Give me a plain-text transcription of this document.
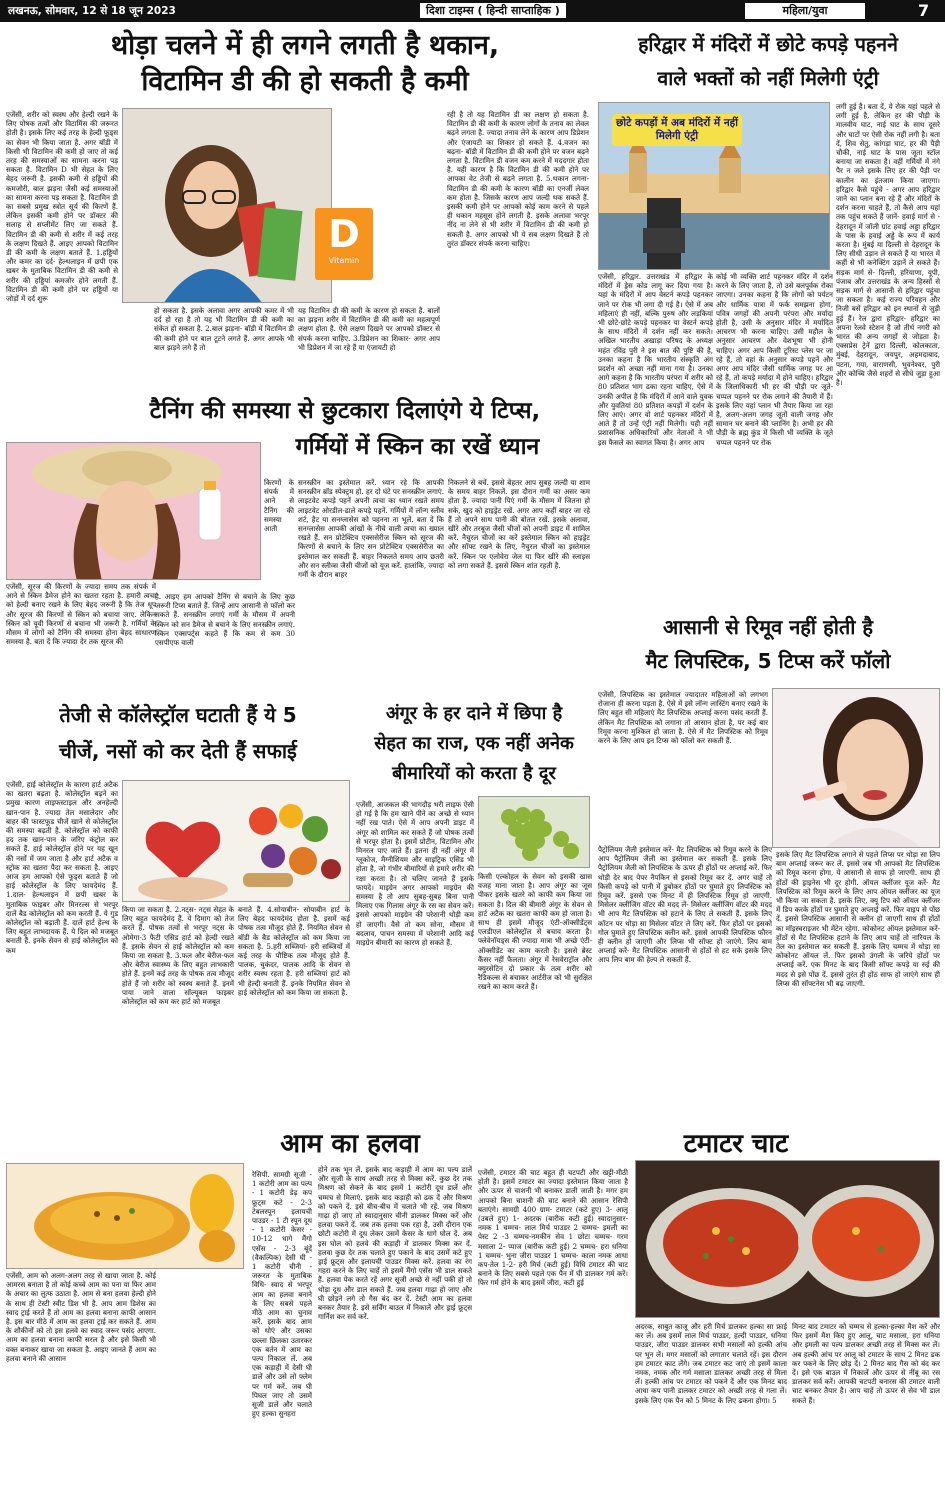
लखनऊ, सोमवार, 12 से 18 जून 2023	दिशा टाइम्स ( हिन्दी साप्ताहिक )	महिला/युवा	7
थोड़ा चलने में ही लगने लगती है थकान,
विटामिन डी की हो सकती है कमी
एजेंसी, शरीर को स्वस्थ और हेल्दी रखने के लिए पोषक तत्वों और विटामिंस की जरूरत होती है। इसके लिए कई तरह के हेल्दी फूड्स का सेवन भी किया जाता है. अगर बॉडी में किसी भी विटामिन की कमी हो जाए तो कई तरह की समस्याओं का सामना करना पड़ सकता है. विटामिन D भी सेहत के लिए बेहद जरूरी है. इसकी कमी से हड्डियों की कमजोरी, बाल झड़ना जैसी कई समस्याओं का सामना करना पड़ सकता है. विटामिन डी का सबसे प्रमुख स्त्रोत सूर्य की किरणें हैं. लेकिन इसकी कमी होने पर डॉक्टर की सलाह से सप्लीमेंट लिए जा सकते हैं. विटामिन डी की कमी से शरीर में कई तरह के लक्षण दिखते हैं. आइए आपको विटामिन डी की कमी के लक्षण बताते हैं. 1.हड्डियों और कमर का दर्द- हेल्थलाइन में छपी एक खबर के मुताबिक विटामिन डी की कमी से शरीर की हड्डियां कमजोर होने लगती हैं. विटामिन डी की कमी होने पर हड्डियों या जोड़ों में दर्द शुरू
D
Vitamin
हो सकता है. इसके अलावा अगर आपकी कमर में भी दर्द हो रहा है तो यह भी विटामिन डी की कमी का संकेत हो सकता है. 2.बाल झड़ना- बॉडी में विटामिन डी की कमी होने पर बाल टूटने लगते हैं. अगर आपके भी बाल झड़ने लगे हैं तो
यह विटामिन डी की कमी के कारण हो सकता है. बालों का झड़ना शरीर में विटामिन डी की कमी का महत्वपूर्ण लक्षण होता है. ऐसे लक्षण दिखने पर आपको डॉक्टर से संपर्क करना चाहिए. 3.डिप्रेशन का शिकार- अगर आप भी डिप्रेशन में जा रहे हैं या एंजायटी हो
रही है तो यह विटामिन डी का लक्षण हो सकता है. विटामिन डी की कमी के कारण लोगों के तनाव का लेवल बढ़ने लगता है. ज्यादा तनाव लेने के कारण आप डिप्रेशन और एंजायटी का शिकार हो सकते हैं. 4.वजन का बढ़ना- बॉडी में विटामिन डी की कमी होने पर वजन बढ़ने लगता है. विटामिन डी वजन कम करने में मददगार होता है. यही कारण है कि विटामिन डी की कमी होने पर आपका वेट तेजी से बढ़ने लगता है. 5.थकान लगना- विटामिन डी की कमी के कारण बॉडी का एनर्जी लेवल कम होता है. जिसके कारण आप जल्दी थक सकते हैं. इसकी कमी होने पर आपको कोई काम करने से पहले ही थकान महसूस होने लगती है. इसके अलावा भरपूर नींद ना लेने से भी शरीर में विटामिन डी की कमी हो सकती है. अगर आपको भी ये सब लक्षण दिखते हैं तो तुरंत डॉक्टर संपर्क करना चाहिए।
टैनिंग की समस्या से छुटकारा दिलाएंगे ये टिप्स,
गर्मियों में स्किन का रखें ध्यान
एजेंसी, सूरज की किरणों के ज्यादा समय तक संपर्क में आने से स्किन डैमेज होने का खतरा रहता है. हमारी त्वचा को हेल्दी बनाए रखने के लिए बेहद जरूरी है कि तेज धूप और सूरज की किरणों से स्किन को बचाया जाए. लेकिन स्किन को यूवी किरणों से बचाना भी जरूरी है. गर्मियों के मौसम में लोगों को टैनिंग की समस्या होना बेहद साधारण समस्या है. बता दें कि ज्यादा देर तक सूरज की
किरणों के संपर्क में आने से टैनिंग की समस्या आती
है. आइए हम आपको टैनिंग से बचाने के लिए कुछ जरूरी टिप्स बताते हैं. जिन्हें आप आसानी से फॉलो कर सकते हैं. सनस्क्रीन लगाएं गर्मी के मौसम में अपनी स्किन को सन डैमेज से बचाने के लिए सनस्क्रीन लगाएं. स्किन एक्सपर्ट्स कहते हैं कि कम से कम 30 एसपीएफ वाली
सनस्क्रीन का इस्तेमाल करें. ध्यान रहे कि आपकी सनस्क्रीन ब्रॉड स्पेक्ट्रम हो. हर दो घंटे पर सनस्क्रीन लगाएं. लाइटवेट कपड़े पहनें अपनी त्वचा का ध्यान रखते समय लाइटवेट ओरडील-ढाले कपड़े पहनें. गर्मियों में लॉन्ग स्लीव शर्ट, हैट या सनग्लासेस को पहनना ना भूलें. बता दें कि सनग्लासेस आपकी आंखों के नीचे वाली त्वचा का ख्याल रखते हैं. सन प्रोटेक्टिव एक्ससेरीज स्किन को सूरज की किरणों से बचाने के लिए सन प्रोटेक्टिव एक्ससेरीज का इस्तेमाल कर सकती हैं. बाहर निकलते समय आप छतरी और सन स्लीव्स जैसी चीजों को यूज करें. हालांकि, ज्यादा गर्मी के दौरान बाहर
निकलने से बचें. इससे बेहतर आप सुबह जल्दी या शाम के समय बाहर निकलें. इस दौरान गर्मी का असर कम होता है. ज्यादा पानी पिएं गर्मी के मौसम में जितना हो सके, खुद को हाइड्रेट रखें. अगर आप कहीं बाहर जा रहे हैं तो अपने साथ पानी की बोतल रखें. इसके अलावा, खीरे और तरबूज जैसी चीजों को अपनी डाइट में शामिल करें. नैचुरल चीजों का करें इस्तेमाल स्किन को हाइड्रेट और सॉफ्ट रखने के लिए, नैचुरल चीजों का इस्तेमाल करें. स्किन पर एलोवेरा जेल या फिर खीरे की स्लाइस को लगा सकते हैं. इससे स्किन शांत रहती है.
हरिद्वार में मंदिरों में छोटे कपड़े पहनने
वाले भक्तों को नहीं मिलेगी एंट्री
छोटे कपड़ों में अब मंदिरों में नहीं मिलेगी एंट्री
लगी हुई है। बता दें, ये रोक यहां पहले से लगी हुई है, लेकिन हर की पौड़ी के मालवीय घाट, नाई घाट के साथ दूसरे और घाटों पर ऐसी रोक नहीं लगी है। बता दें, शिव सेतु, कांगड़ा घाट, हर की पैड़ी चौकी, नाई घाट के पास जूता स्टॉल बनाया जा सकता है। वहीं गर्मियों में नंगे पैर न जले इसके लिए हर की पैड़ी पर कालीन का इंतजाम किया जाएगा। हरिद्वार कैसे पहुंचे - अगर आप हरिद्वार जाने का प्लान बना रहे हैं और मंदिरों के दर्शन करना चाहते हैं, तो कैसे आप यहां तक पहुंच सकते हैं जानें- हवाई मार्ग से - देहरादून में जॉली ग्रांट हवाई अड्डा हरिद्वार के पास के हवाई अड्डे के रूप में कार्य करता है। मुंबई या दिल्ली से देहरादून के लिए सीधी उड़ान ले सकते हैं या भारत में कहीं से भी कनेक्टिंग उड़ानें ले सकते हैं। सड़क मार्ग से- दिल्ली, हरियाणा, यूपी, पंजाब और उत्तराखंड के अन्य हिस्सों से सड़क मार्ग से आसानी से हरिद्वार पहुंचा जा सकता है। कई राज्य परिवहन और निजी बसें हरिद्वार को इन स्थानों से जुड़ी हुई हैं। रेल द्वारा हरिद्वार- हरिद्वार का अपना रेलवे स्टेशन है जो तीर्थ नगरी को भारत की अन्य जगहों से जोड़ता है। एक्सप्रेस ट्रेनें द्वारा दिल्ली, कोलकाता, मुंबई, देहरादून, जयपुर, अहमदाबाद, पटना, गया, वाराणसी, भुवनेश्वर, पुरी और कोच्चि जैसे शहरों से सीधे जुड़ा हुआ है।
एजेंसी, हरिद्वार. उत्तराखंड में हरिद्वार के मंदिरों में ड्रेस कोड लागू कर दिया गया है। यहां के मंदिरों में आप वेस्टर्न कपड़े पहनकर जाने पर रोक भी लगा दी गई है। ऐसे में अब महिलाएं ही नहीं, बल्कि पुरुष और लड़कियां भी छोटे-छोटे कपड़े पहनकर या वेस्टर्न कपड़े के साथ मंदिरों में दर्शन नहीं कर सकते। अखिल भारतीय अखाड़ा परिषद के अध्यक्ष महंत रविंद्र पुरी ने इस बात की पुष्टि की है, उनका कहना है कि भारतीय संस्कृति अंग प्रदर्शन को अच्छा नहीं माना गया है। उनका आगे कहना है कि भारतीय परंपरा में शरीर को 80 प्रतिशत भाग ढका रहना चाहिए, ऐसे में उनकी अपील है कि मंदिरों में आने वाले युवक और युवतियां 80 प्रतिशत कपड़ों में दर्शन के लिए आएं। अगर वो शार्ट पहनकर मंदिरों में आते हैं तो उन्हें एंट्री नहीं मिलेगी। यही नहीं प्रशासनिक अधिकारियों और नेताओं ने भी इस फैसले का स्वागत किया है। अगर आप
कोई भी व्यक्ति शार्ट पहनकर मंदिर में दर्शन करने के लिए जाता है, तो उसे बलपूर्वक रोका जाएगा। उनका कहना है कि लोगों को पर्यटन और धार्मिक यात्रा में फर्क समझना होगा, पवित्र जगहों की अपनी परंपरा और मर्यादा होती है, उसी के अनुसार मंदिर में मर्यादित आचरण भी करना चाहिए। उसी महौल के अनुसार आचरण और वेशभूषा भी होनी चाहिए। अगर आप किसी टूरिस्ट प्लेस पर जा रहे हैं, तो वहां के अनुसार कपड़े पहनें और अगर आप मंदिर जैसी धार्मिक जगह पर आ रहे हैं, तो कपड़े मर्यादा में होने चाहिए। हरिद्वार के जिलाधिकारी भी हर की पौड़ी पर जूते-चप्पल पहनने पर रोक लगाने की तैयारी में हैं। इसके लिए यहां प्लान भी तैयार किया जा रहा है, अलग-अलग जगह जूतों वाली जगह और सामान घर बनाने की प्लानिंग है। अभी हर की पौड़ी के ब्रह्म कुंड में किसी भी व्यक्ति के जूते चप्पल पहनने पर रोक
आसानी से रिमूव नहीं होती है
मैट लिपस्टिक, 5 टिप्स करें फॉलो
एजेंसी, लिपस्टिक का इस्तेमाल ज्यादातर महिलाओं को लगभग रोजाना ही करना पड़ता है. ऐसे में इसे लॉन्ग लास्टिंग बनाए रखने के लिए बहुत सी महिलाएं मैट लिपस्टिक अप्लाई करना पसंद करती हैं. लेकिन मैट लिपस्टिक को लगाना तो आसान होता है, पर कई बार रिमूव करना मुश्किल हो जाता है. ऐसे में मैट लिपस्टिक को रिमूव करने के लिए आप इन टिप्स को फॉलो कर सकती हैं.
पैट्रोलियम जैली इस्तेमाल करें- मैट लिपस्टिक को रिमूव करने के लिए आप पैट्रोलियम जैली का इस्तेमाल कर सकती हैं. इसके लिए पैट्रोलियम जैली को लिपस्टिक के ऊपर ही होंठों पर अप्लाई करें. फिर थोड़ी देर बाद पेपर नैपकिन से इसको रिमूव कर दें. अगर चाहें तो किसी कपड़े को पानी में डुबोकर होंठों पर घुमाते हुए लिपस्टिक को रिमूव करें. इससे एक मिनट में ही लिपस्टिक रिमूव हो जाएगी. मिसेलर क्लींजिंग वॉटर की मदद लें- मिसेलर क्लींजिंग वॉटर की मदद भी आप मैट लिपस्टिक को हटाने के लिए ले सकती हैं. इसके लिए कॉटन पर थोड़ा सा मिसेलर वॉटर ले लिए करें. फिर होंठों पर इसको गोल घुमाते हुए लिपस्टिक क्लीन करें. इससे आपकी लिपस्टिक फौरन ही क्लीन हो जाएगी और लिप्स भी सॉफ्ट हो जाएंगे. लिप बाम अप्लाई करें- मैट लिपस्टिक आसानी से होंठों से हट सके इसके लिए आप लिप बाम की हेल्प ले सकती हैं.
इसके लिए मैट लिपस्टिक लगाने से पहले लिप्स पर थोड़ा सा लिप बाम अप्लाई जरूर कर लें. इससे जब भी आपको मैट लिपस्टिक को रिमूव करना होगा, ये आसानी से साफ हो जाएगी. साथ ही होंठों की ड्राइनेस भी दूर होगी. ऑयल क्लींजर यूज करें- मैट लिपस्टिक को रिमूव करने के लिए आप ऑयल क्लींजर का यूज भी किया जा सकता है. इसके लिए, क्यू टिप को ऑयल क्लींजर में डिप करके होंठों पर घुमाते हुए अप्लाई करें. फिर वाइप से पोंछ दें. इससे लिपस्टिक आसानी से क्लीन हो जाएगी साथ ही होंठों का मॉइस्चराइजर भी मेंटेन रहेगा. कोकोनट ऑयल इस्तेमाल करें- होंठों से मैट लिपस्टिक हटाने के लिए आप चाहें तो नारियल के तेल का इस्तेमाल कर सकती हैं. इसके लिए चम्मच में थोड़ा सा कोकोनट ऑयल लें. फिर इसको उंगली के जरिये होंठों पर अप्लाई करें. एक मिनट के बाद किसी सॉफ्ट कपड़े या रुई की मदद से इसे पोंछ दें. इससे तुरंत ही होंठ साफ हो जाएंगे साथ ही लिप्स की सॉफ्टनेस भी बढ़ जाएगी.
तेजी से कॉलेस्ट्रॉल घटाती हैं ये 5
चीजें, नसों को कर देती हैं सफाई
एजेंसी, हाई कोलेस्ट्रॉल के कारण हार्ट अटैक का खतरा बढ़ता है. कोलेस्ट्रॉल बढ़ने का प्रमुख कारण लाइफस्टाइल और अनहेल्दी खान-पान है. ज्यादा तेल मसालेदार और बाहर की फास्टफूड चीजें खाने से कोलेस्ट्रॉल की समस्या बढ़ती है. कोलेस्ट्रॉल को काफी हद तक खान-पान के जरिए कंट्रोल कर सकते हैं. हाई कोलेस्ट्रॉल होने पर यह खून की नसों में जम जाता है और हार्ट अटैक व स्ट्रोक का खतरा पैदा कर सकता है. आइए आज हम आपको ऐसे फूड्स बताते हैं जो हाई कोलेस्ट्रॉल के लिए फायदेमंद हैं. 1.दाल- हेल्थलाइन में छपी खबर के मुताबिक फाइबर और मिनरल्स से भरपूर दालें बैड कोलेस्ट्रॉल को कम करती हैं. ये गुड कोलेस्ट्रॉल को बढ़ाती हैं. दालें हार्ट हेल्थ के लिए बहुत लाभदायक हैं. ये दिल को मजबूत बनाती हैं. इनके सेवन से हाई कोलेस्ट्रॉल को कम
किया जा सकता है. 2.नट्स- नट्स सेहत के लिए बहुत फायदेमंद हैं. ये दिमाग को तेज करते हैं. पोषक तत्वों से भरपूर नट्स के ओमेगा-3 फैटी एसिड हार्ट को हेल्दी रखते हैं. इसके सेवन से हाई कोलेस्ट्रॉल को कम किया जा सकता है. 3.फल और बेरीज-फल और बेरीज स्वास्थ्य के लिए बहुत लाभकारी होते हैं. इनमें कई तरह के पोषक तत्व मौजूद होते हैं जो शरीर को स्वस्थ बनाते हैं. इनमें पाया जाने वाला सॉल्यूबल फाइबर कोलेस्ट्रॉल को कम कर हार्ट को मजबूत
बनाते हैं. 4.सोयाबीन- सोयाबीन हार्ट के लिए बेहद फायदेमंद होता है. इसमें कई पोषक तत्व मौजूद होते हैं. नियमित सेवन से बॉडी के बैड कोलेस्ट्रॉल को कम किया जा सकता है. 5.हरी सब्जियां- हरी सब्जियों में कई तरह के पौष्टिक तत्व मौजूद होते हैं. पालक, चुकंदर, पालक आदि के सेवन से शरीर स्वस्थ रहता है. हरी सब्जियां हार्ट को भी हेल्दी बनाती हैं. इनके नियमित सेवन से हाई कोलेस्ट्रॉल को कम किया जा सकता है.
अंगूर के हर दाने में छिपा है
सेहत का राज, एक नहीं अनेक
बीमारियों को करता है दूर
एजेंसी, आजकल की भागदौड़ भरी लाइफ ऐसी हो गई है कि हम खाने पीने का अच्छे से ध्यान नहीं रख पाते। ऐसे में आप अपनी डाइट में अंगूर को शामिल कर सकते हैं जो पोषक तत्वों से भरपूर होता है। इसमें प्रोटीन, विटामिन और मिनरल पाए जाते हैं। इतना ही नहीं अंगूर में ग्लूकोज, मैग्नीशियम और साइट्रिक एसिड भी होता है, जो गंभीर बीमारियों से हमारे शरीर की रक्षा करता है। तो चलिए जानते हैं इसके फायदे। माइग्रेन अगर आपको माइग्रेन की समस्या है तो आप सुबह-सुबह बिना पानी मिलाए एक गिलास अंगूर के रस का सेवन करें। इससे आपको माइग्रेन की परेशानी थोड़ी कम हो जाएगी। वैसे तो कम सोना, मौसम में बदलाव, पाचन समस्या में परेशानी आदि कई माइग्रेन बीमारी का कारण हो सकते हैं.
किसी एल्कोहल के सेवन को इसकी खास वजह माना जाता है। आप अंगूर का जूस पीकर इसके खतरे को काफी कम किया जा सकता है। दिल की बीमारी अंगूर के सेवन से हार्ट अटैक का खतरा काफी कम हो जाता है। साथ ही इसमें मौजूद एंटी-ऑक्सीडेंट्स एलडीएल कोलेस्ट्रॉल से बचाव करता है। फ्लेवेनॉयड्स की ज्यादा मात्रा भी अच्छे एंटी-ऑक्सीडेंट का काम करती है। इससे ब्रेस्ट कैंसर नहीं फैलता। अंगूर में रेसवेराट्रॉल और क्युरसेटिन दो प्रकार के तत्व शरीर को रैडिकल्स से बचाकर आर्टरीज को भी सुरक्षित रखने का काम करते हैं।
आम का हलवा
रेसिपी. सामग्री सूजी - 1 कटोरी आम का पल्प - 1 कटोरी डेढ़ कप फ्रूट्स कटे - 2-3 टेबलस्पून इलायची पाउडर - 1 टी स्पून दूध - 1 कटोरी केसर - 10-12 धागे मैंगो एसेंस - 2-3 बूंदें (वैकल्पिक) देसी घी - 1 कटोरी चीनी - जरूरत के मुताबिक विधि- स्वाद से भरपूर आम का हलवा बनाने के लिए सबसे पहले मीठे आम का चुनाव करें. इसके बाद आम को धोएं और उसका छल्ला छिलका उतारकर एक बर्तन में आम का पल्प निकाल लें. अब एक कड़ाही में देसी घी डालें और उसे लो फ्लेम पर गर्म करें. जब घी पिघल जाए तो उसमें सूजी डालें और चलाते हुए हल्का सुनहरा
एजेंसी, आम को अलग-अलग तरह से खाया जाता है. कोई आमरस बनाता है तो कोई कच्चे आम का पना या फिर आम के अचार का लुत्फ उठाता है. आम से बना हलवा हेल्दी होने के साथ ही टेस्टी स्वीट डिश भी है. आप आम डिशेस का स्वाद ट्राई करते हैं तो आम का हलवा बनाना काफी आसान है. इस बार मीठे में आम का हलवा ट्राई कर सकते हैं. आम के शौकीनों को तो इस हलवे का स्वाद जरूर पसंद आएगा. आम का हलवा बनाना काफी सरल है और इसे किसी भी वक्त बनाकर खाया जा सकता है. आइए जानते हैं आम का हलवा बनाने की आसान
होने तक भून लें. इसके बाद कड़ाही में आम का पल्प डालें और सूजी के साथ अच्छी तरह से मिक्स करें. कुछ देर तक मिश्रण को सेकने के बाद इसमें 1 कटोरी दूध डालें और चम्मच से मिलाएं. इसके बाद कड़ाही को ढक दें और मिश्रण को पकने दें. इसे बीच-बीच में चलाते भी रहें. जब मिश्रण गाढ़ा हो जाए तो स्वादानुसार चीनी डालकर मिक्स करें और हलवा पकने दें. जब तक हलवा पक रहा है, उसी दौरान एक छोटी कटोरी में दूध लेकर उसमें केसर के धागे घोल दें. अब इस घोल को हलवे की कड़ाही में डालकर मिक्स कर दें. हलवा कुछ देर तक चलाते हुए पकाने के बाद उसमें कटे हुए ड्राई फ्रूट्स और इलायची पाउडर मिक्स करें. हलवा का रंग गहरा करने के लिए चाहें तो इसमें मैंगो एसेंस भी डाल सकते हैं. हलवा पेक करते रहें अगर सूजी अच्छे से नहीं पकी हो तो थोड़ा दूध और डाल सकते हैं. जब हलवा गाढ़ा हो जाए और घी छोड़ने लगे तो गैस बंद कर दें. टेस्टी आम का हलवा बनकर तैयार है. इसे सर्विंग बाउल में निकालें और ड्राई फ्रूट्स गार्निश कर सर्व करें.
टमाटर चाट
एजेंसी, टमाटर की चाट बहुत ही चटपटी और खट्टी-मीठी होती है। इसमें टमाटर का ज्यादा इस्तेमाल किया जाता है और ऊपर से चाशनी भी बनाकर डाली जाती है। मगर हम आपको बिना चाशनी की चाट बनाने की आसान रेसिपी बताएंगे। सामग्री 400 ग्राम- टमाटर (कटे हुए) 3- आलू (उबले हुए) 1- अदरक (बारीक कटी हुई) स्वादानुसार- नमक 1 चम्मच- लाल मिर्च पाउडर 2 चम्मच- इमली का पेस्ट 2 -3 चम्मच-नमकीन सेव 1 छोटा चम्मच- गरम मसाला 2- प्याज (बारीक कटी हुई) 2 चम्मच- हरा धनिया 1 चम्मच- भुना जीरा पाउडर 1 चम्मच- काला नमक आधा कप-तेल 1-2- हरी मिर्च (कटी हुई) विधि टमाटर की चाट बनाने के लिए सबसे पहले एक पैन में घी डालकर गर्म करें। फिर गर्म होने के बाद इसमें जीरा, कटी हुई
अदरक, साबुत काजू और हरी मिर्च डालकर हल्का सा फ्राई कर लें। अब इसमें लाल मिर्च पाउडर, हल्दी पाउडर, धनिया पाउडर, जीरा पाउडर डालकर सभी मसालों को हल्की आंच पर भून लें। मगर मसालों को लगातार चलाते रहें। इस दौरान हम टमाटर काट लेंगे। जब टमाटर कट जाएं तो इसमें काला नमक, नमक और गर्म मसाला डालकर अच्छी तरह से मिला लें। हल्की आंच पर टमाटर को पकने दें और एक मिनट बाद आधा कप पानी डालकर टमाटर को अच्छी तरह से गला लें। इसके लिए एक पैन को 5 मिनट के लिए ढकना होगा। 5
मिनट बाद टमाटर को चम्मच से हल्का-हल्का मैश करें और फिर इसमें मैश किए हुए आलू, चाट मसाला, हरा धनिया और इमली का पल्प डालकर अच्छी तरह से मिक्स कर लें। अब हल्की आंच पर आलू को टमाटर के साथ 2 मिनट ढक कर पकने के लिए छोड़ दें। 2 मिनट बाद गैस को बंद कर दें। इसे एक बाउल में निकालें और ऊपर से नींबू का रस डालकर सर्व करें। आपकी चटपटी बनारस की टमाटर वाली चाट बनकर तैयार है। आप चाहें तो ऊपर से सेव भी डाल सकते हैं।
